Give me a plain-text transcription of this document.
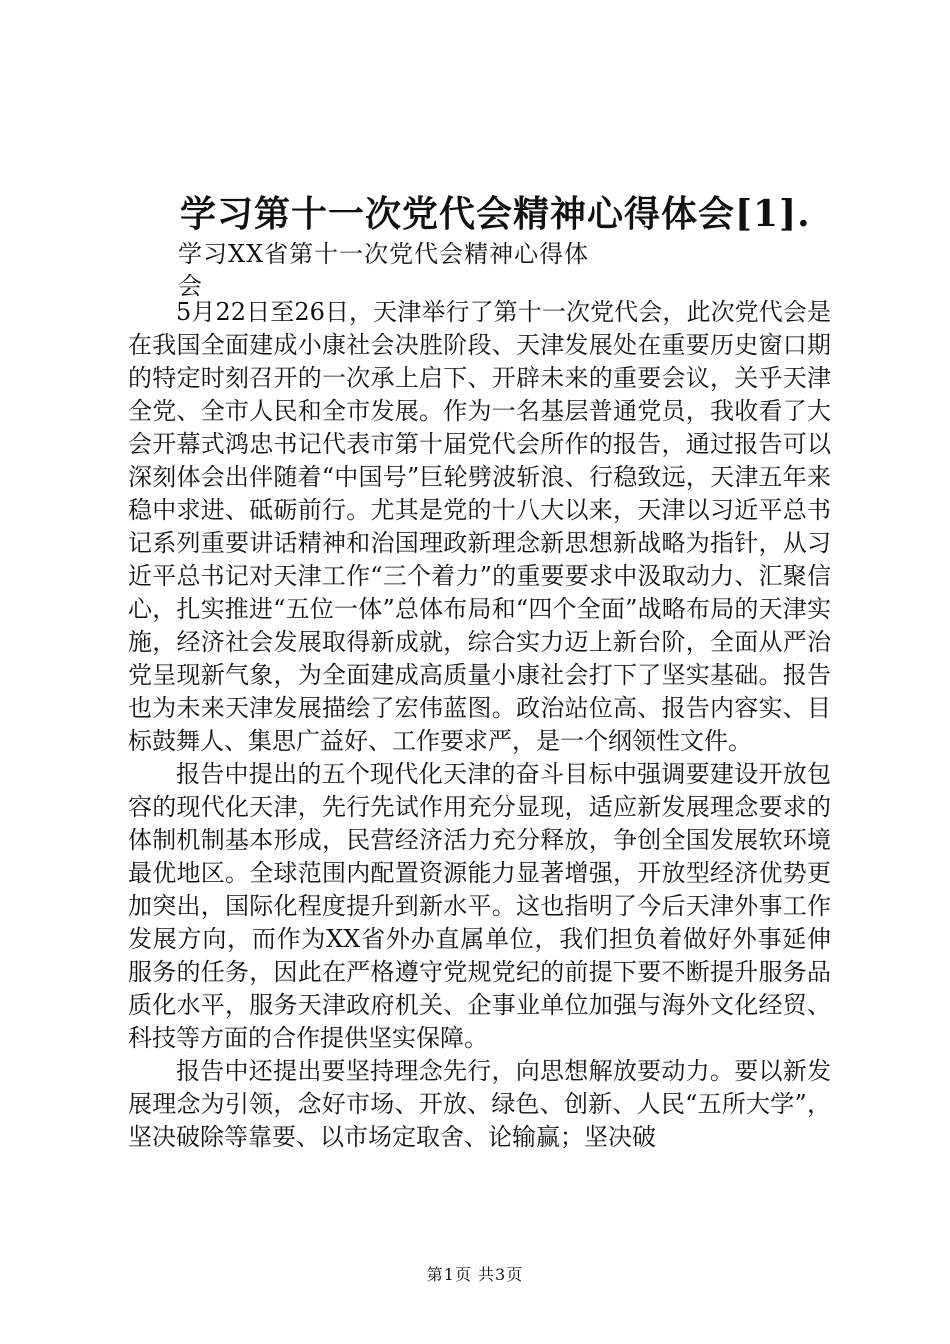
学习第十一次党代会精神心得体会[1].
学习XX省第十一次党代会精神心得体会

5月22日至26日，天津举行了第十一次党代会，此次党代会是在我国全面建成小康社会决胜阶段、天津发展处在重要历史窗口期的特定时刻召开的一次承上启下、开辟未来的重要会议，关乎天津全党、全市人民和全市发展。作为一名基层普通党员，我收看了大会开幕式鸿忠书记代表市第十届党代会所作的报告，通过报告可以深刻体会出伴随着“中国号”巨轮劈波斩浪、行稳致远，天津五年来稳中求进、砥砺前行。尤其是党的十八大以来，天津以习近平总书记系列重要讲话精神和治国理政新理念新思想新战略为指针，从习近平总书记对天津工作“三个着力”的重要要求中汲取动力、汇聚信心，扎实推进“五位一体”总体布局和“四个全面”战略布局的天津实施，经济社会发展取得新成就，综合实力迈上新台阶，全面从严治党呈现新气象，为全面建成高质量小康社会打下了坚实基础。报告也为未来天津发展描绘了宏伟蓝图。政治站位高、报告内容实、目标鼓舞人、集思广益好、工作要求严，是一个纲领性文件。

报告中提出的五个现代化天津的奋斗目标中强调要建设开放包容的现代化天津，先行先试作用充分显现，适应新发展理念要求的体制机制基本形成，民营经济活力充分释放，争创全国发展软环境最优地区。全球范围内配置资源能力显著增强，开放型经济优势更加突出，国际化程度提升到新水平。这也指明了今后天津外事工作发展方向，而作为XX省外办直属单位，我们担负着做好外事延伸服务的任务，因此在严格遵守党规党纪的前提下要不断提升服务品质化水平，服务天津政府机关、企事业单位加强与海外文化经贸、科技等方面的合作提供坚实保障。

报告中还提出要坚持理念先行，向思想解放要动力。要以新发展理念为引领，念好市场、开放、绿色、创新、人民“五所大学”，坚决破除等靠要、以市场定取舍、论输赢；坚决破

第1页 共3页
